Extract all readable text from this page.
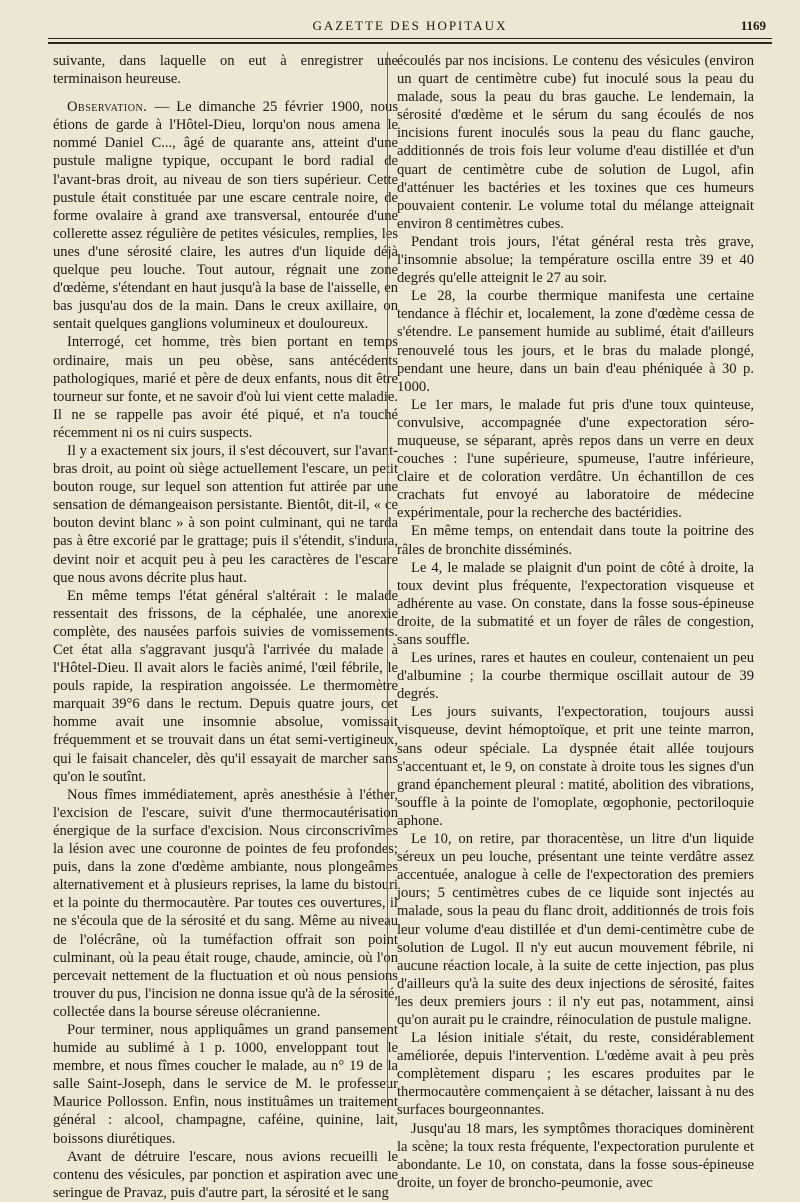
GAZETTE DES HOPITAUX	1169

suivante, dans laquelle on eut à enregistrer une terminaison heureuse.

Observation. — Le dimanche 25 février 1900, nous étions de garde à l'Hôtel-Dieu, lorqu'on nous amena le nommé Daniel C..., âgé de quarante ans, atteint d'une pustule maligne typique, occupant le bord radial de l'avant-bras droit, au niveau de son tiers supérieur. Cette pustule était constituée par une escare centrale noire, de forme ovalaire à grand axe transversal, entourée d'une collerette assez régulière de petites vésicules, remplies, les unes d'une sérosité claire, les autres d'un liquide déjà quelque peu louche. Tout autour, régnait une zone d'œdème, s'étendant en haut jusqu'à la base de l'aisselle, en bas jusqu'au dos de la main. Dans le creux axillaire, on sentait quelques ganglions volumineux et douloureux.

Interrogé, cet homme, très bien portant en temps ordinaire, mais un peu obèse, sans antécédents pathologiques, marié et père de deux enfants, nous dit être tourneur sur fonte, et ne savoir d'où lui vient cette maladie. Il ne se rappelle pas avoir été piqué, et n'a touché récemment ni os ni cuirs suspects.

Il y a exactement six jours, il s'est découvert, sur l'avant-bras droit, au point où siège actuellement l'escare, un petit bouton rouge, sur lequel son attention fut attirée par une sensation de démangeaison persistante. Bientôt, dit-il, « ce bouton devint blanc » à son point culminant, qui ne tarda pas à être excorié par le grattage; puis il s'étendit, s'indura, devint noir et acquit peu à peu les caractères de l'escare que nous avons décrite plus haut.

En même temps l'état général s'altérait : le malade ressentait des frissons, de la céphalée, une anorexie complète, des nausées parfois suivies de vomissements. Cet état alla s'aggravant jusqu'à l'arrivée du malade à l'Hôtel-Dieu. Il avait alors le faciès animé, l'œil fébrile, le pouls rapide, la respiration angoissée. Le thermomètre marquait 39°6 dans le rectum. Depuis quatre jours, cet homme avait une insomnie absolue, vomissait fréquemment et se trouvait dans un état semi-vertigineux, qui le faisait chanceler, dès qu'il essayait de marcher sans qu'on le soutînt.

Nous fîmes immédiatement, après anesthésie à l'éther, l'excision de l'escare, suivit d'une thermocautérisation énergique de la surface d'excision. Nous circonscrivîmes la lésion avec une couronne de pointes de feu profondes; puis, dans la zone d'œdème ambiante, nous plongeâmes alternativement et à plusieurs reprises, la lame du bistouri et la pointe du thermocautère. Par toutes ces ouvertures, il ne s'écoula que de la sérosité et du sang. Même au niveau de l'olécrâne, où la tuméfaction offrait son point culminant, où la peau était rouge, chaude, amincie, où l'on percevait nettement de la fluctuation et où nous pensions trouver du pus, l'incision ne donna issue qu'à de la sérosité, collectée dans la bourse séreuse olécranienne.

Pour terminer, nous appliquâmes un grand pansement humide au sublimé à 1 p. 1000, enveloppant tout le membre, et nous fîmes coucher le malade, au n° 19 de la salle Saint-Joseph, dans le service de M. le professeur Maurice Pollosson. Enfin, nous instituâmes un traitement général : alcool, champagne, caféine, quinine, lait, boissons diurétiques.

Avant de détruire l'escare, nous avions recueilli le contenu des vésicules, par ponction et aspiration avec une seringue de Pravaz, puis d'autre part, la sérosité et le sang

écoulés par nos incisions. Le contenu des vésicules (environ un quart de centimètre cube) fut inoculé sous la peau du malade, sous la peau du bras gauche. Le lendemain, la sérosité d'œdème et le sérum du sang écoulés de nos incisions furent inoculés sous la peau du flanc gauche, additionnés de trois fois leur volume d'eau distillée et d'un quart de centimètre cube de solution de Lugol, afin d'atténuer les bactéries et les toxines que ces humeurs pouvaient contenir. Le volume total du mélange atteignait environ 8 centimètres cubes.

Pendant trois jours, l'état général resta très grave, l'insomnie absolue; la température oscilla entre 39 et 40 degrés qu'elle atteignit le 27 au soir.

Le 28, la courbe thermique manifesta une certaine tendance à fléchir et, localement, la zone d'œdème cessa de s'étendre. Le pansement humide au sublimé, était d'ailleurs renouvelé tous les jours, et le bras du malade plongé, pendant une heure, dans un bain d'eau phéniquée à 30 p. 1000.

Le 1er mars, le malade fut pris d'une toux quinteuse, convulsive, accompagnée d'une expectoration séro-muqueuse, se séparant, après repos dans un verre en deux couches : l'une supérieure, spumeuse, l'autre inférieure, claire et de coloration verdâtre. Un échantillon de ces crachats fut envoyé au laboratoire de médecine expérimentale, pour la recherche des bactéridies.

En même temps, on entendait dans toute la poitrine des râles de bronchite disséminés.

Le 4, le malade se plaignit d'un point de côté à droite, la toux devint plus fréquente, l'expectoration visqueuse et adhérente au vase. On constate, dans la fosse sous-épineuse droite, de la submatité et un foyer de râles de congestion, sans souffle.

Les urines, rares et hautes en couleur, contenaient un peu d'albumine ; la courbe thermique oscillait autour de 39 degrés.

Les jours suivants, l'expectoration, toujours aussi visqueuse, devint hémoptoïque, et prit une teinte marron, sans odeur spéciale. La dyspnée était allée toujours s'accentuant et, le 9, on constate à droite tous les signes d'un grand épanchement pleural : matité, abolition des vibrations, souffle à la pointe de l'omoplate, œgophonie, pectoriloquie aphone.

Le 10, on retire, par thoracentèse, un litre d'un liquide séreux un peu louche, présentant une teinte verdâtre assez accentuée, analogue à celle de l'expectoration des premiers jours; 5 centimètres cubes de ce liquide sont injectés au malade, sous la peau du flanc droit, additionnés de trois fois leur volume d'eau distillée et d'un demi-centimètre cube de solution de Lugol. Il n'y eut aucun mouvement fébrile, ni aucune réaction locale, à la suite de cette injection, pas plus d'ailleurs qu'à la suite des deux injections de sérosité, faites les deux premiers jours : il n'y eut pas, notamment, ainsi qu'on aurait pu le craindre, réinoculation de pustule maligne.

La lésion initiale s'était, du reste, considérablement améliorée, depuis l'intervention. L'œdème avait à peu près complètement disparu ; les escares produites par le thermocautère commençaient à se détacher, laissant à nu des surfaces bourgeonnantes.

Jusqu'au 18 mars, les symptômes thoraciques dominèrent la scène; la toux resta fréquente, l'expectoration purulente et abondante. Le 10, on constata, dans la fosse sous-épineuse droite, un foyer de broncho-peumonie, avec
